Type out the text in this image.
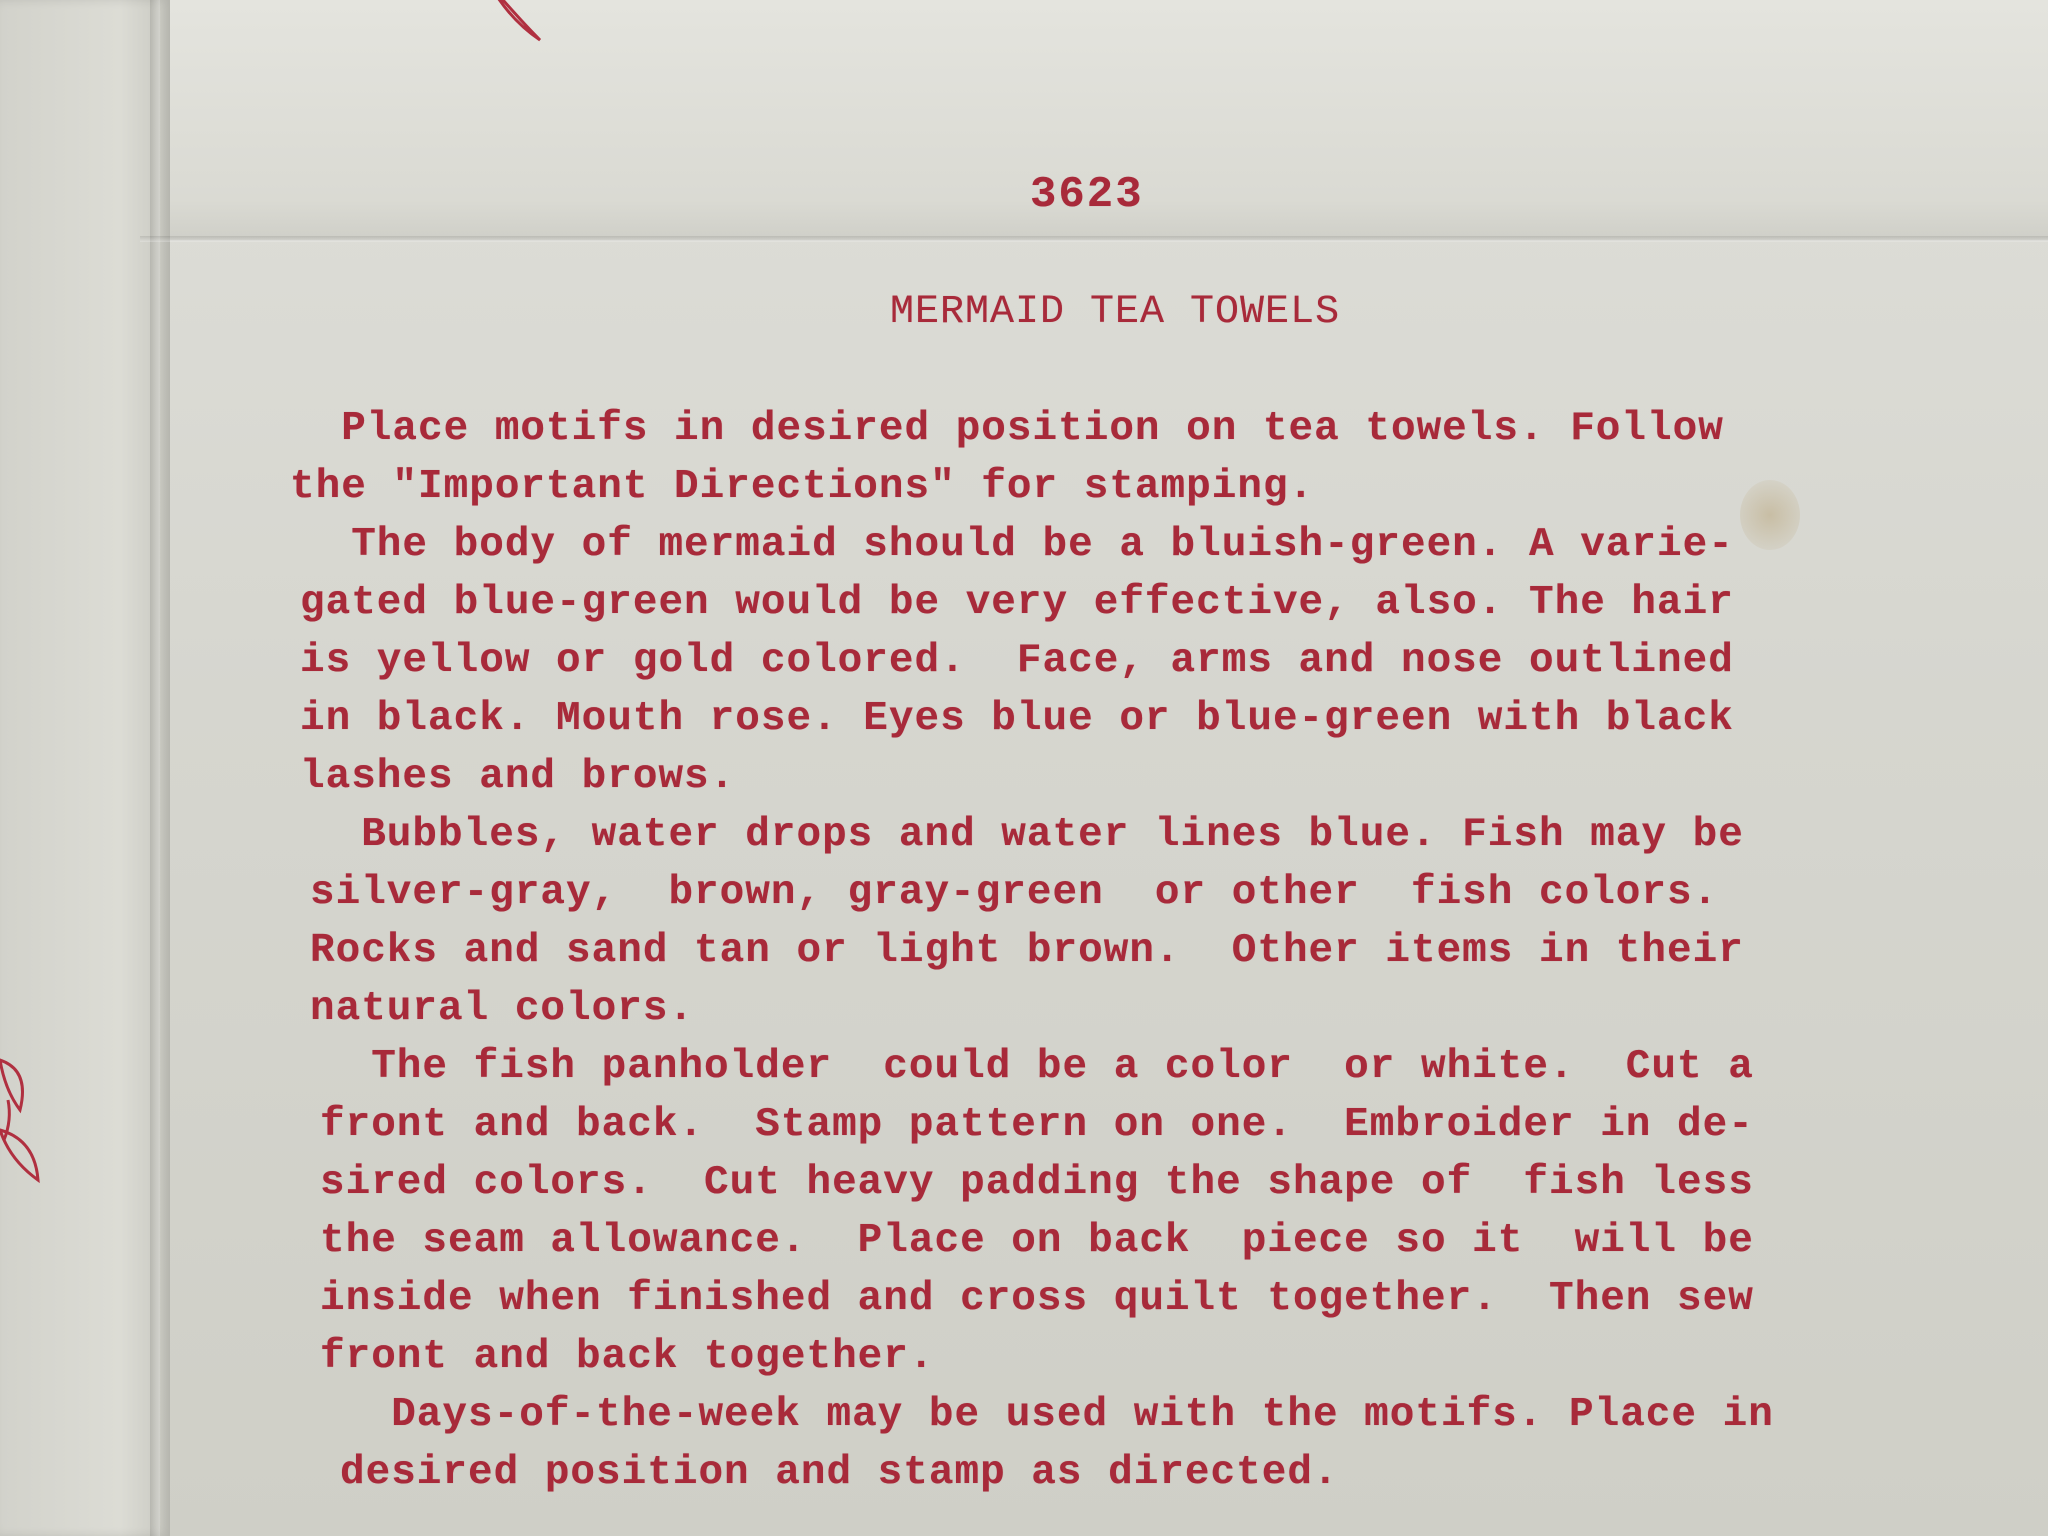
3623
MERMAID TEA TOWELS
Place motifs in desired position on tea towels. Follow
the "Important Directions" for stamping.
The body of mermaid should be a bluish-green. A varie-
gated blue-green would be very effective, also. The hair
is yellow or gold colored.  Face, arms and nose outlined
in black. Mouth rose. Eyes blue or blue-green with black
lashes and brows.
Bubbles, water drops and water lines blue. Fish may be
silver-gray,  brown, gray-green  or other  fish colors.
Rocks and sand tan or light brown.  Other items in their
natural colors.
The fish panholder  could be a color  or white.  Cut a
front and back.  Stamp pattern on one.  Embroider in de-
sired colors.  Cut heavy padding the shape of  fish less
the seam allowance.  Place on back  piece so it  will be
inside when finished and cross quilt together.  Then sew
front and back together.
Days-of-the-week may be used with the motifs. Place in
desired position and stamp as directed.
